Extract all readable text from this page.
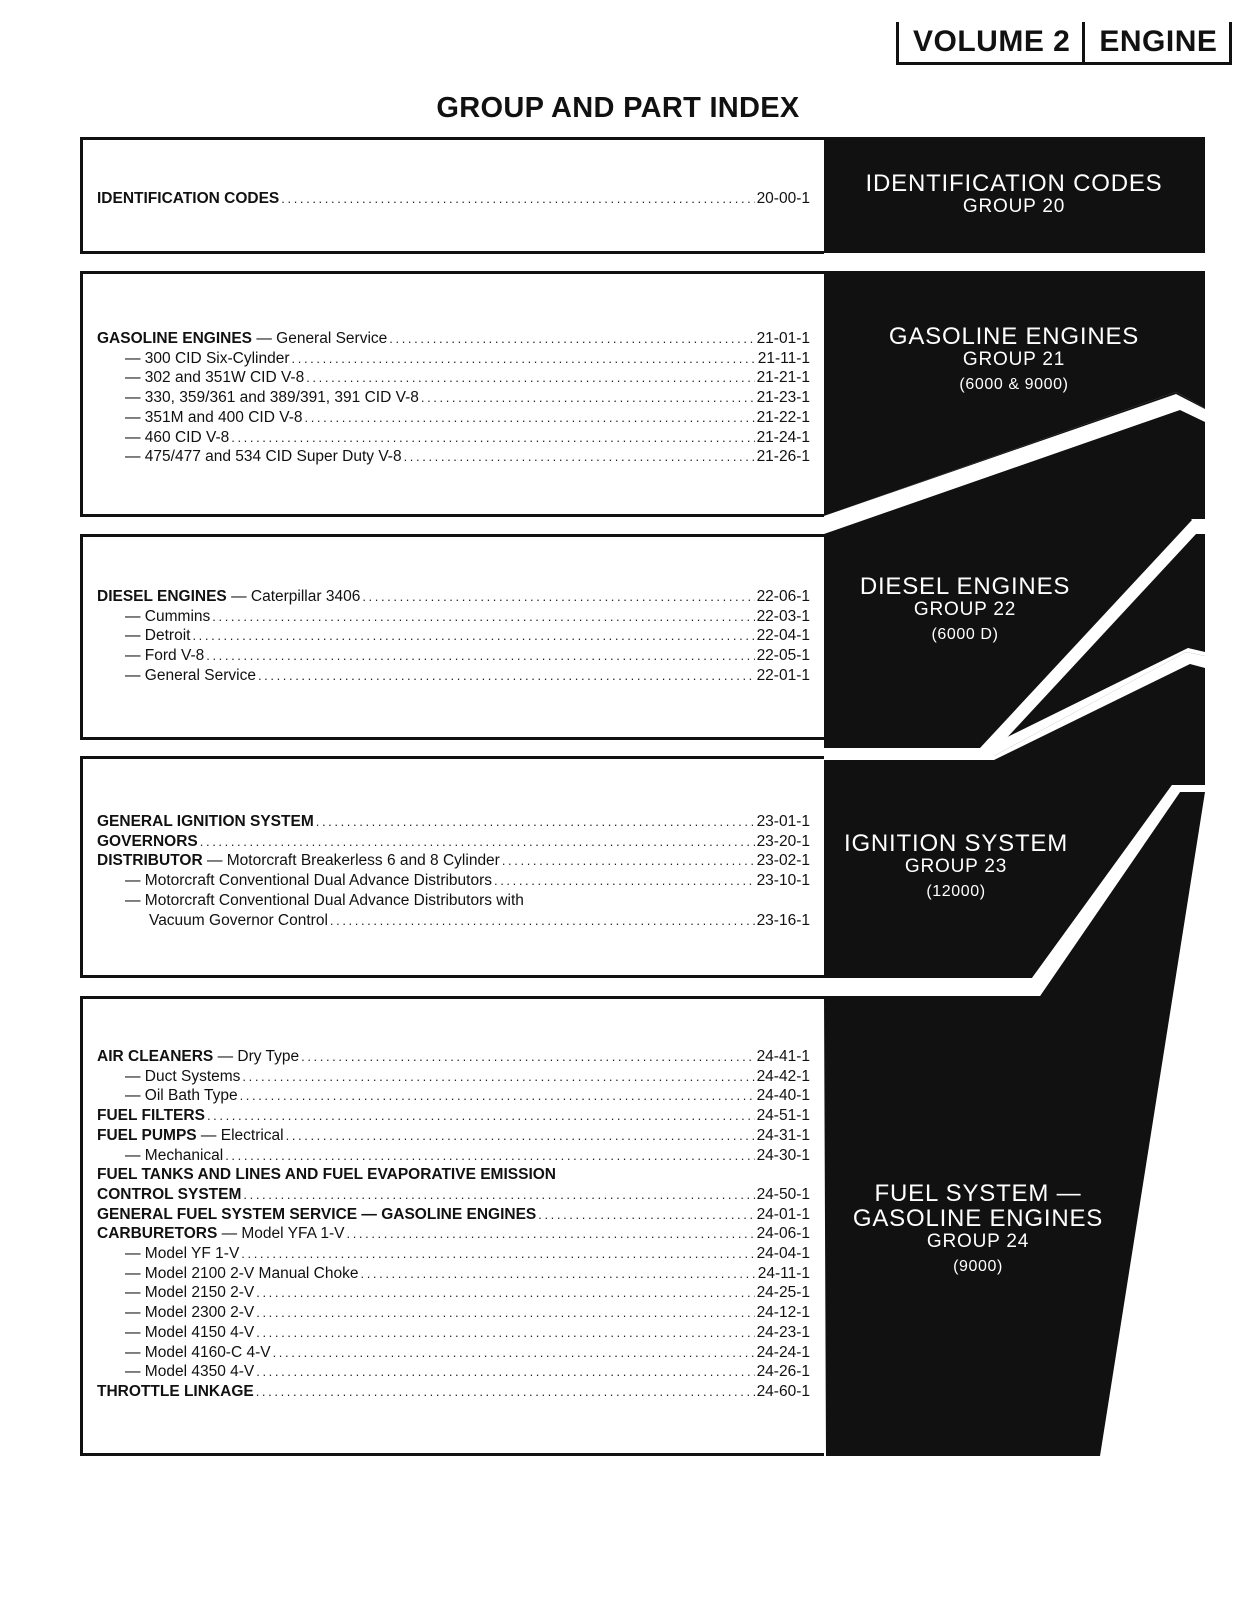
VOLUME 2 ENGINE
GROUP AND PART INDEX
IDENTIFICATION CODES .....	20-00-1
GASOLINE ENGINES — General Service .....	21-01-1
— 300 CID Six-Cylinder .....	21-11-1
— 302 and 351W CID V-8 .....	21-21-1
— 330, 359/361 and 389/391, 391 CID V-8 .....	21-23-1
— 351M and 400 CID V-8 .....	21-22-1
— 460 CID V-8 .....	21-24-1
— 475/477 and 534 CID Super Duty V-8 .....	21-26-1
DIESEL ENGINES — Caterpillar 3406 .....	22-06-1
— Cummins .....	22-03-1
— Detroit .....	22-04-1
— Ford V-8 .....	22-05-1
— General Service .....	22-01-1
GENERAL IGNITION SYSTEM .....	23-01-1
GOVERNORS .....	23-20-1
DISTRIBUTOR — Motorcraft Breakerless 6 and 8 Cylinder .....	23-02-1
— Motorcraft Conventional Dual Advance Distributors .....	23-10-1
— Motorcraft Conventional Dual Advance Distributors with
Vacuum Governor Control .....	23-16-1
AIR CLEANERS — Dry Type .....	24-41-1
— Duct Systems .....	24-42-1
— Oil Bath Type .....	24-40-1
FUEL FILTERS .....	24-51-1
FUEL PUMPS — Electrical .....	24-31-1
— Mechanical .....	24-30-1
FUEL TANKS AND LINES AND FUEL EVAPORATIVE EMISSION
CONTROL SYSTEM .....	24-50-1
GENERAL FUEL SYSTEM SERVICE — GASOLINE ENGINES .....	24-01-1
CARBURETORS — Model YFA 1-V .....	24-06-1
— Model YF 1-V .....	24-04-1
— Model 2100 2-V Manual Choke .....	24-11-1
— Model 2150 2-V .....	24-25-1
— Model 2300 2-V .....	24-12-1
— Model 4150 4-V .....	24-23-1
— Model 4160-C 4-V .....	24-24-1
— Model 4350 4-V .....	24-26-1
THROTTLE LINKAGE .....	24-60-1
IDENTIFICATION CODES
GROUP 20
GASOLINE ENGINES
GROUP 21
(6000 & 9000)
DIESEL ENGINES
GROUP 22
(6000 D)
IGNITION SYSTEM
GROUP 23
(12000)
FUEL SYSTEM —
GASOLINE ENGINES
GROUP 24
(9000)
